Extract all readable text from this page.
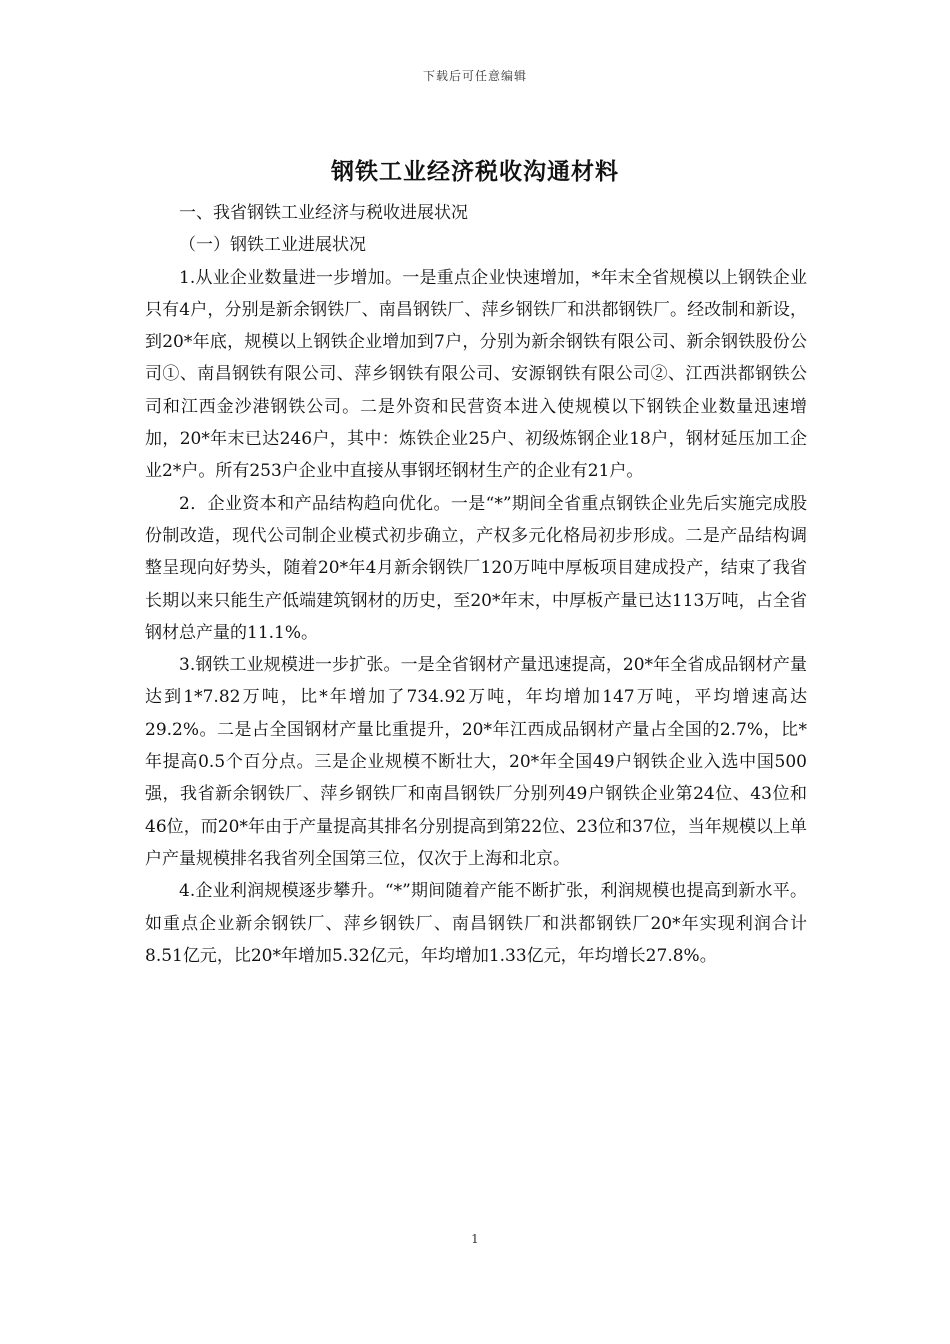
下载后可任意编辑
钢铁工业经济税收沟通材料

一、我省钢铁工业经济与税收进展状况

（一）钢铁工业进展状况

1.从业企业数量进一步增加。一是重点企业快速增加，*年末全省规模以上钢铁企业只有4户，分别是新余钢铁厂、南昌钢铁厂、萍乡钢铁厂和洪都钢铁厂。经改制和新设，到20*年底，规模以上钢铁企业增加到7户，分别为新余钢铁有限公司、新余钢铁股份公司①、南昌钢铁有限公司、萍乡钢铁有限公司、安源钢铁有限公司②、江西洪都钢铁公司和江西金沙港钢铁公司。二是外资和民营资本进入使规模以下钢铁企业数量迅速增加，20*年末已达246户，其中：炼铁企业25户、初级炼钢企业18户，钢材延压加工企业2*户。所有253户企业中直接从事钢坯钢材生产的企业有21户。

2．企业资本和产品结构趋向优化。一是“*”期间全省重点钢铁企业先后实施完成股份制改造，现代公司制企业模式初步确立，产权多元化格局初步形成。二是产品结构调整呈现向好势头，随着20*年4月新余钢铁厂120万吨中厚板项目建成投产，结束了我省长期以来只能生产低端建筑钢材的历史，至20*年末，中厚板产量已达113万吨，占全省钢材总产量的11.1%。

3.钢铁工业规模进一步扩张。一是全省钢材产量迅速提高，20*年全省成品钢材产量达到1*7.82万吨，比*年增加了734.92万吨，年均增加147万吨，平均增速高达29.2%。二是占全国钢材产量比重提升，20*年江西成品钢材产量占全国的2.7%，比*年提高0.5个百分点。三是企业规模不断壮大，20*年全国49户钢铁企业入选中国500强，我省新余钢铁厂、萍乡钢铁厂和南昌钢铁厂分别列49户钢铁企业第24位、43位和46位，而20*年由于产量提高其排名分别提高到第22位、23位和37位，当年规模以上单户产量规模排名我省列全国第三位，仅次于上海和北京。

4.企业利润规模逐步攀升。“*”期间随着产能不断扩张，利润规模也提高到新水平。如重点企业新余钢铁厂、萍乡钢铁厂、南昌钢铁厂和洪都钢铁厂20*年实现利润合计8.51亿元，比20*年增加5.32亿元，年均增加1.33亿元，年均增长27.8%。

1
